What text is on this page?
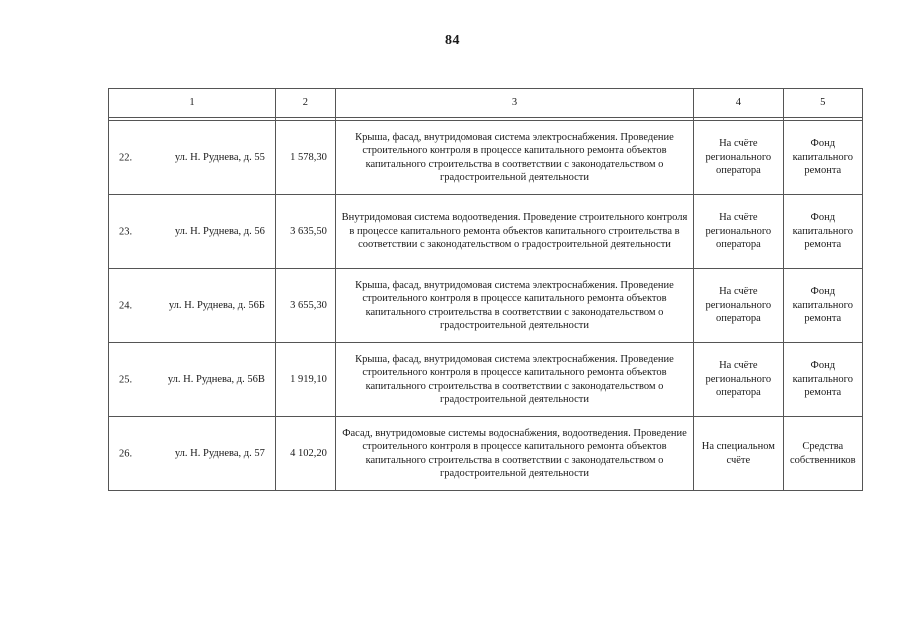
84
1	2	3	4	5

22. ул. Н. Руднева, д. 55	1 578,30	Крыша, фасад, внутридомовая система электроснабжения. Проведение строительного контроля в процессе капитального ремонта объектов капитального строительства в соответствии с законодательством о градостроительной деятельности	На счёте регионального оператора	Фонд капитального ремонта

23. ул. Н. Руднева, д. 56	3 635,50	Внутридомовая система водоотведения. Проведение строительного контроля в процессе капитального ремонта объектов капитального строительства в соответствии с законодательством о градостроительной деятельности	На счёте регионального оператора	Фонд капитального ремонта

24. ул. Н. Руднева, д. 56Б	3 655,30	Крыша, фасад, внутридомовая система электроснабжения. Проведение строительного контроля в процессе капитального ремонта объектов капитального строительства в соответствии с законодательством о градостроительной деятельности	На счёте регионального оператора	Фонд капитального ремонта

25. ул. Н. Руднева, д. 56В	1 919,10	Крыша, фасад, внутридомовая система электроснабжения. Проведение строительного контроля в процессе капитального ремонта объектов капитального строительства в соответствии с законодательством о градостроительной деятельности	На счёте регионального оператора	Фонд капитального ремонта

26. ул. Н. Руднева, д. 57	4 102,20	Фасад, внутридомовые системы водоснабжения, водоотведения. Проведение строительного контроля в процессе капитального ремонта объектов капитального строительства в соответствии с законодательством о градостроительной деятельности	На специальном счёте	Средства собственников
